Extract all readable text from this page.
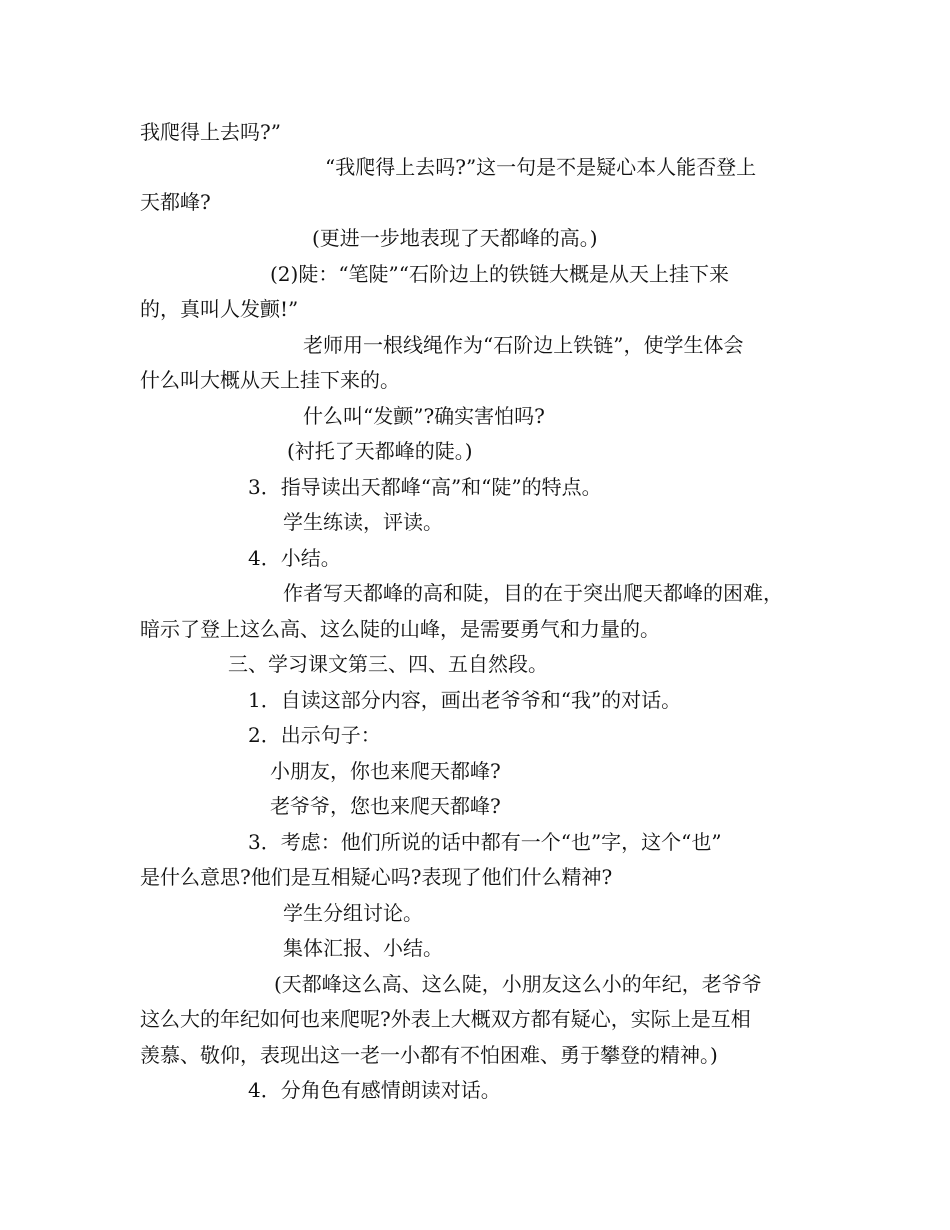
我爬得上去吗?”
“我爬得上去吗?”这一句是不是疑心本人能否登上
天都峰?
(更进一步地表现了天都峰的高。)
(2)陡：“笔陡”“石阶边上的铁链大概是从天上挂下来
的，真叫人发颤!”
老师用一根线绳作为“石阶边上铁链”，使学生体会
什么叫大概从天上挂下来的。
什么叫“发颤”?确实害怕吗?
(衬托了天都峰的陡。)
3．指导读出天都峰“高”和“陡”的特点。
学生练读，评读。
4．小结。
作者写天都峰的高和陡，目的在于突出爬天都峰的困难，
暗示了登上这么高、这么陡的山峰，是需要勇气和力量的。
三、学习课文第三、四、五自然段。
1．自读这部分内容，画出老爷爷和“我”的对话。
2．出示句子：
小朋友，你也来爬天都峰?
老爷爷，您也来爬天都峰?
3．考虑：他们所说的话中都有一个“也”字，这个“也”
是什么意思?他们是互相疑心吗?表现了他们什么精神?
学生分组讨论。
集体汇报、小结。
(天都峰这么高、这么陡，小朋友这么小的年纪，老爷爷
这么大的年纪如何也来爬呢?外表上大概双方都有疑心，实际上是互相
羡慕、敬仰，表现出这一老一小都有不怕困难、勇于攀登的精神。)
4．分角色有感情朗读对话。
